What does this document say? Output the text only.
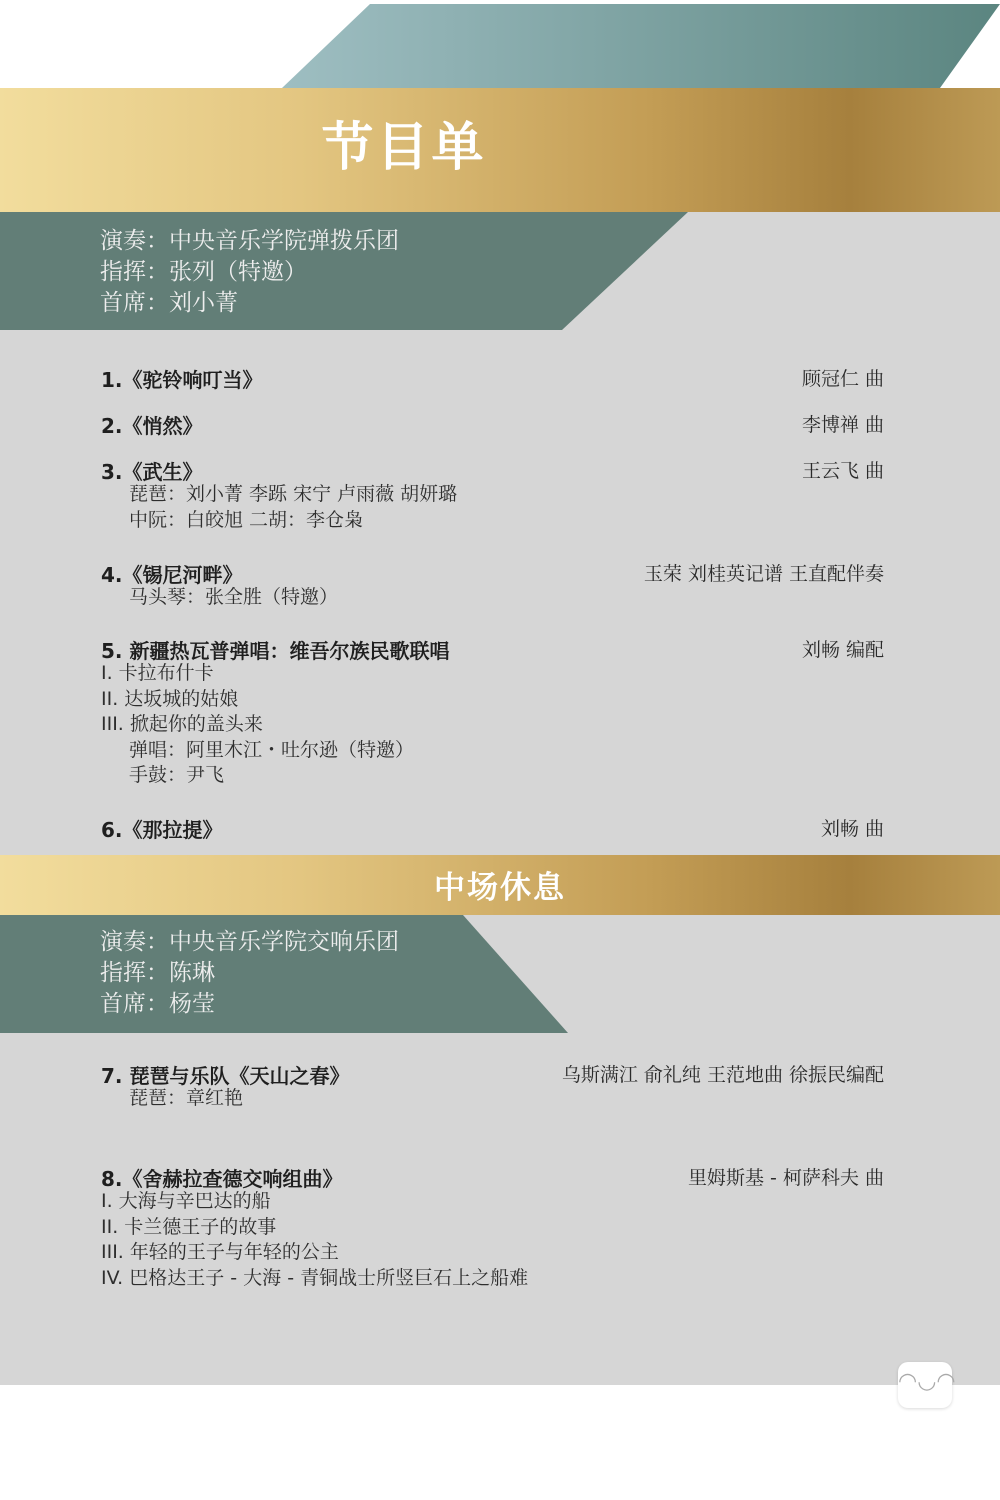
节目单
演奏：中央音乐学院弹拨乐团
指挥：张列（特邀）
首席：刘小菁
1.《驼铃响叮当》	顾冠仁 曲
2.《悄然》	李博禅 曲
3.《武生》	王云飞 曲
琵琶：刘小菁 李跞 宋宁 卢雨薇 胡妍璐
中阮：白皎旭 二胡：李仓枭
4.《锡尼河畔》	玉荣 刘桂英记谱 王直配伴奏
马头琴：张全胜（特邀）
5. 新疆热瓦普弹唱：维吾尔族民歌联唱	刘畅 编配
I. 卡拉布什卡
II. 达坂城的姑娘
III. 掀起你的盖头来
弹唱：阿里木江・吐尔逊（特邀）
手鼓：尹飞
6.《那拉提》	刘畅 曲
中场休息
演奏：中央音乐学院交响乐团
指挥：陈琳
首席：杨莹
7. 琵琶与乐队《天山之春》	乌斯满江 俞礼纯 王范地曲 徐振民编配
琵琶：章红艳
8.《舍赫拉查德交响组曲》	里姆斯基 - 柯萨科夫 曲
I. 大海与辛巴达的船
II. 卡兰德王子的故事
III. 年轻的王子与年轻的公主
IV. 巴格达王子 - 大海 - 青铜战士所竖巨石上之船难
◠◡◠
